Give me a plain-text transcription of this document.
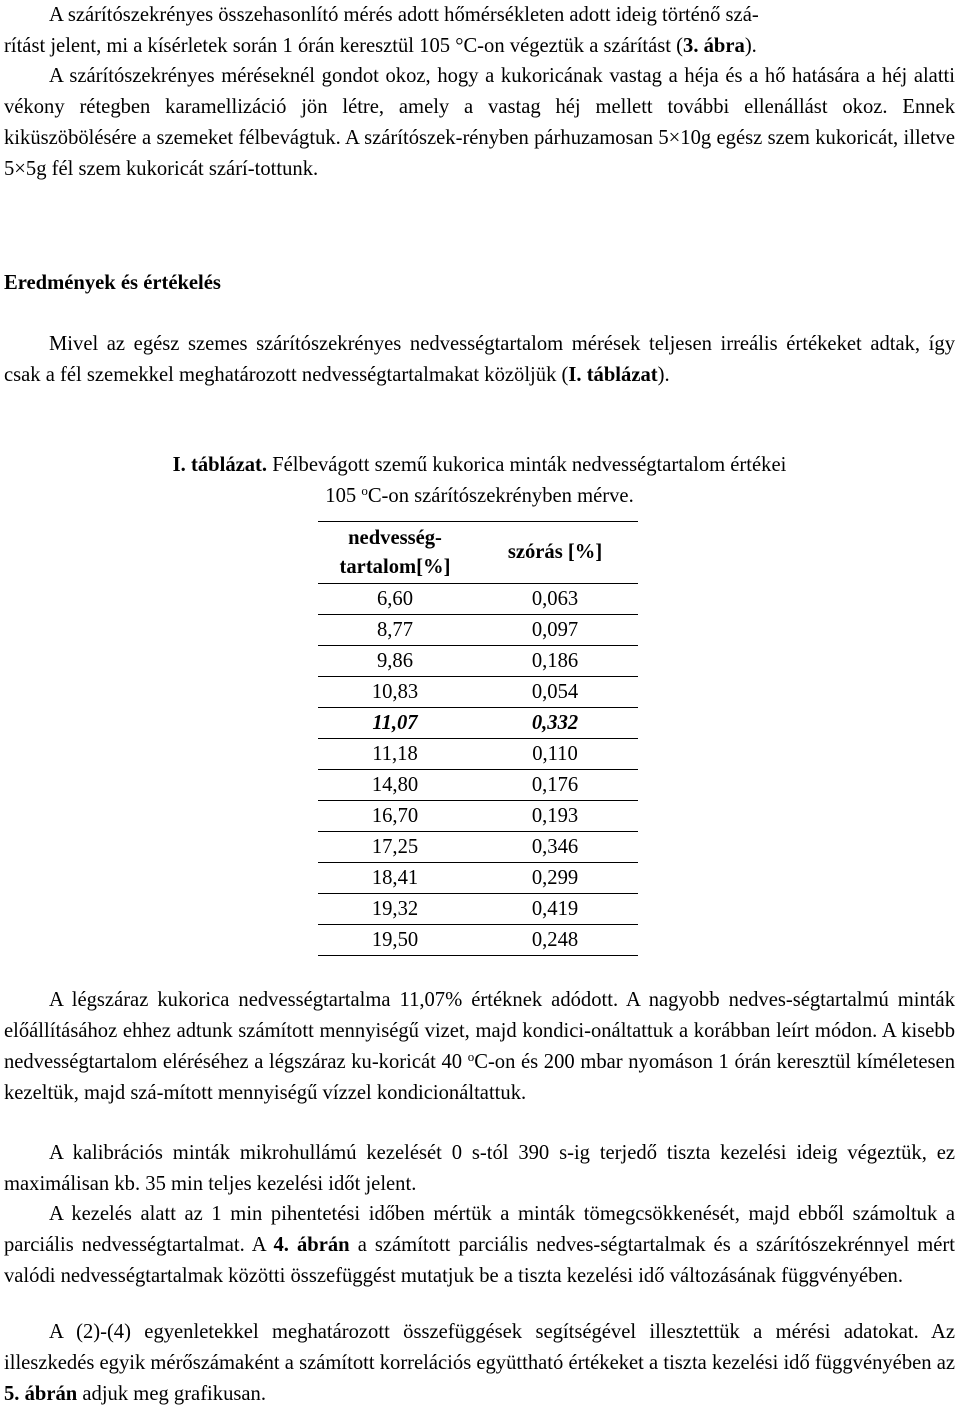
A szárítószekrényes összehasonlító mérés adott hőmérsékleten adott ideig történő szá-

rítást jelent, mi a kísérletek során 1 órán keresztül 105 °C-on végeztük a szárítást (3. ábra).

A szárítószekrényes méréseknél gondot okoz, hogy a kukoricának vastag a héja és a hő hatására a héj alatti vékony rétegben karamellizáció jön létre, amely a vastag héj mellett további ellenállást okoz. Ennek kiküszöbölésére a szemeket félbevágtuk. A szárítószek-rényben párhuzamosan 5×10g egész szem kukoricát, illetve 5×5g fél szem kukoricát szárí-tottunk.

Eredmények és értékelés

Mivel az egész szemes szárítószekrényes nedvességtartalom mérések teljesen irreális értékeket adtak, így csak a fél szemekkel meghatározott nedvességtartalmakat közöljük (I. táblázat).

I. táblázat. Félbevágott szemű kukorica minták nedvességtartalom értékei
105 $^o$C-on szárítószekrényben mérve.
nedvesség-
tartalom[%]	szórás [%]
6,60	0,063
8,77	0,097
9,86	0,186
10,83	0,054
11,07	0,332
11,18	0,110
14,80	0,176
16,70	0,193
17,25	0,346
18,41	0,299
19,32	0,419
19,50	0,248

A légszáraz kukorica nedvességtartalma 11,07% értéknek adódott. A nagyobb nedves-ségtartalmú minták előállításához ehhez adtunk számított mennyiségű vizet, majd kondici-onáltattuk a korábban leírt módon. A kisebb nedvességtartalom eléréséhez a légszáraz ku-koricát 40 $^o$C-on és 200 mbar nyomáson 1 órán keresztül kíméletesen kezeltük, majd szá-mított mennyiségű vízzel kondicionáltattuk.

A kalibrációs minták mikrohullámú kezelését 0 s-tól 390 s-ig terjedő tiszta kezelési ideig végeztük, ez maximálisan kb. 35 min teljes kezelési időt jelent.

A kezelés alatt az 1 min pihentetési időben mértük a minták tömegcsökkenését, majd ebből számoltuk a parciális nedvességtartalmat. A 4. ábrán a számított parciális nedves-ségtartalmak és a szárítószekrénnyel mért valódi nedvességtartalmak közötti összefüggést mutatjuk be a tiszta kezelési idő változásának függvényében.

A (2)-(4) egyenletekkel meghatározott összefüggések segítségével illesztettük a mérési adatokat. Az illeszkedés egyik mérőszámaként a számított korrelációs együttható értékeket a tiszta kezelési idő függvényében az 5. ábrán adjuk meg grafikusan.
